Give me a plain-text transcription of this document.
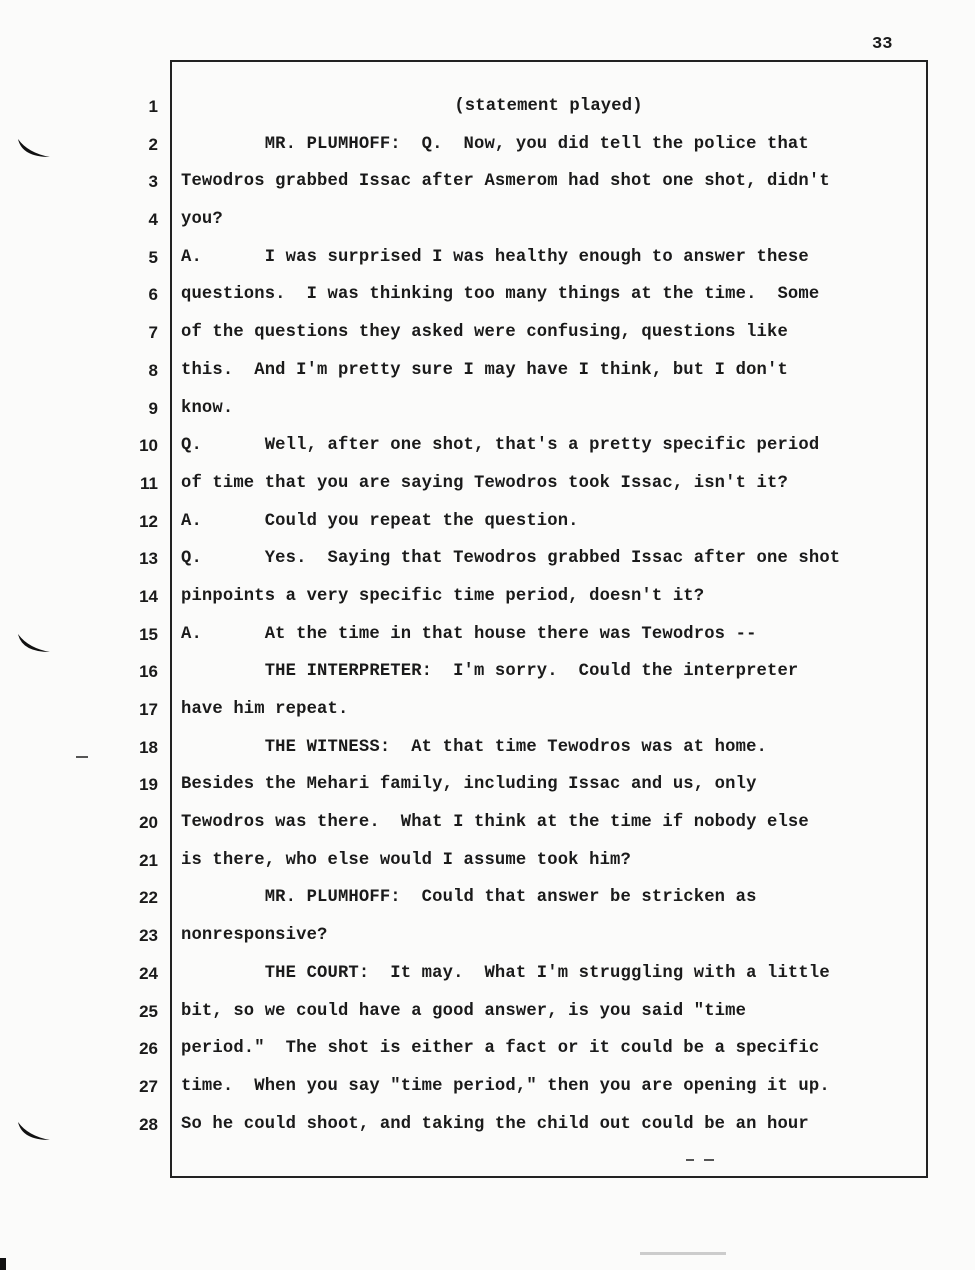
33
1
2
3
4
5
6
7
8
9
10
11
12
13
14
15
16
17
18
19
20
21
22
23
24
25
26
27
28
(statement played)
MR. PLUMHOFF:  Q.  Now, you did tell the police that
Tewodros grabbed Issac after Asmerom had shot one shot, didn't
you?
A.      I was surprised I was healthy enough to answer these
questions.  I was thinking too many things at the time.  Some
of the questions they asked were confusing, questions like
this.  And I'm pretty sure I may have I think, but I don't
know.
Q.      Well, after one shot, that's a pretty specific period
of time that you are saying Tewodros took Issac, isn't it?
A.      Could you repeat the question.
Q.      Yes.  Saying that Tewodros grabbed Issac after one shot
pinpoints a very specific time period, doesn't it?
A.      At the time in that house there was Tewodros --
THE INTERPRETER:  I'm sorry.  Could the interpreter
have him repeat.
THE WITNESS:  At that time Tewodros was at home.
Besides the Mehari family, including Issac and us, only
Tewodros was there.  What I think at the time if nobody else
is there, who else would I assume took him?
MR. PLUMHOFF:  Could that answer be stricken as
nonresponsive?
THE COURT:  It may.  What I'm struggling with a little
bit, so we could have a good answer, is you said "time
period."  The shot is either a fact or it could be a specific
time.  When you say "time period," then you are opening it up.
So he could shoot, and taking the child out could be an hour
